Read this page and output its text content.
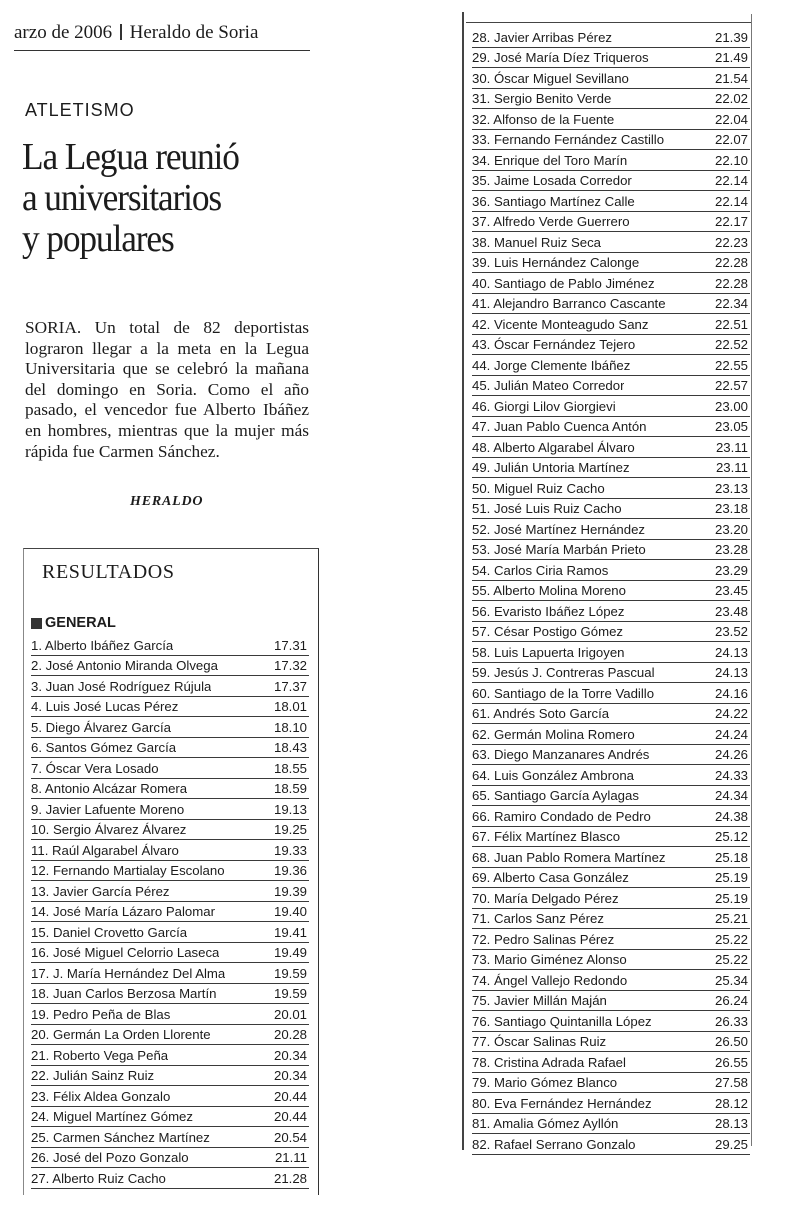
arzo de 2006 Heraldo de Soria
ATLETISMO
La Legua reunió
a universitarios
y populares

SORIA. Un total de 82 deportistas lograron llegar a la meta en la Legua Universitaria que se celebró la mañana del domingo en Soria. Como el año pasado, el vencedor fue Alberto Ibáñez en hombres, mientras que la mujer más rápida fue Carmen Sánchez.

HERALDO
RESULTADOS
GENERAL
1. Alberto Ibáñez García	17.31
2. José Antonio Miranda Olvega	17.32
3. Juan José Rodríguez Rújula	17.37
4. Luis José Lucas Pérez	18.01
5. Diego Álvarez García	18.10
6. Santos Gómez García	18.43
7. Óscar Vera Losado	18.55
8. Antonio Alcázar Romera	18.59
9. Javier Lafuente Moreno	19.13
10. Sergio Álvarez Álvarez	19.25
11. Raúl Algarabel Álvaro	19.33
12. Fernando Martialay Escolano	19.36
13. Javier García Pérez	19.39
14. José María Lázaro Palomar	19.40
15. Daniel Crovetto García	19.41
16. José Miguel Celorrio Laseca	19.49
17. J. María Hernández Del Alma	19.59
18. Juan Carlos Berzosa Martín	19.59
19. Pedro Peña de Blas	20.01
20. Germán La Orden Llorente	20.28
21. Roberto Vega Peña	20.34
22. Julián Sainz Ruiz	20.34
23. Félix Aldea Gonzalo	20.44
24. Miguel Martínez Gómez	20.44
25. Carmen Sánchez Martínez	20.54
26. José del Pozo Gonzalo	21.11
27. Alberto Ruiz Cacho	21.28
28. Javier Arribas Pérez	21.39
29. José María Díez Triqueros	21.49
30. Óscar Miguel Sevillano	21.54
31. Sergio Benito Verde	22.02
32. Alfonso de la Fuente	22.04
33. Fernando Fernández Castillo	22.07
34. Enrique del Toro Marín	22.10
35. Jaime Losada Corredor	22.14
36. Santiago Martínez Calle	22.14
37. Alfredo Verde Guerrero	22.17
38. Manuel Ruiz Seca	22.23
39. Luis Hernández Calonge	22.28
40. Santiago de Pablo Jiménez	22.28
41. Alejandro Barranco Cascante	22.34
42. Vicente Monteagudo Sanz	22.51
43. Óscar Fernández Tejero	22.52
44. Jorge Clemente Ibáñez	22.55
45. Julián Mateo Corredor	22.57
46. Giorgi Lilov Giorgievi	23.00
47. Juan Pablo Cuenca Antón	23.05
48. Alberto Algarabel Álvaro	23.11
49. Julián Untoria Martínez	23.11
50. Miguel Ruiz Cacho	23.13
51. José Luis Ruiz Cacho	23.18
52. José Martínez Hernández	23.20
53. José María Marbán Prieto	23.28
54. Carlos Ciria Ramos	23.29
55. Alberto Molina Moreno	23.45
56. Evaristo Ibáñez López	23.48
57. César Postigo Gómez	23.52
58. Luis Lapuerta Irigoyen	24.13
59. Jesús J. Contreras Pascual	24.13
60. Santiago de la Torre Vadillo	24.16
61. Andrés Soto García	24.22
62. Germán Molina Romero	24.24
63. Diego Manzanares Andrés	24.26
64. Luis González Ambrona	24.33
65. Santiago García Aylagas	24.34
66. Ramiro Condado de Pedro	24.38
67. Félix Martínez Blasco	25.12
68. Juan Pablo Romera Martínez	25.18
69. Alberto Casa González	25.19
70. María Delgado Pérez	25.19
71. Carlos Sanz Pérez	25.21
72. Pedro Salinas Pérez	25.22
73. Mario Giménez Alonso	25.22
74. Ángel Vallejo Redondo	25.34
75. Javier Millán Maján	26.24
76. Santiago Quintanilla López	26.33
77. Óscar Salinas Ruiz	26.50
78. Cristina Adrada Rafael	26.55
79. Mario Gómez Blanco	27.58
80. Eva Fernández Hernández	28.12
81. Amalia Gómez Ayllón	28.13
82. Rafael Serrano Gonzalo	29.25
